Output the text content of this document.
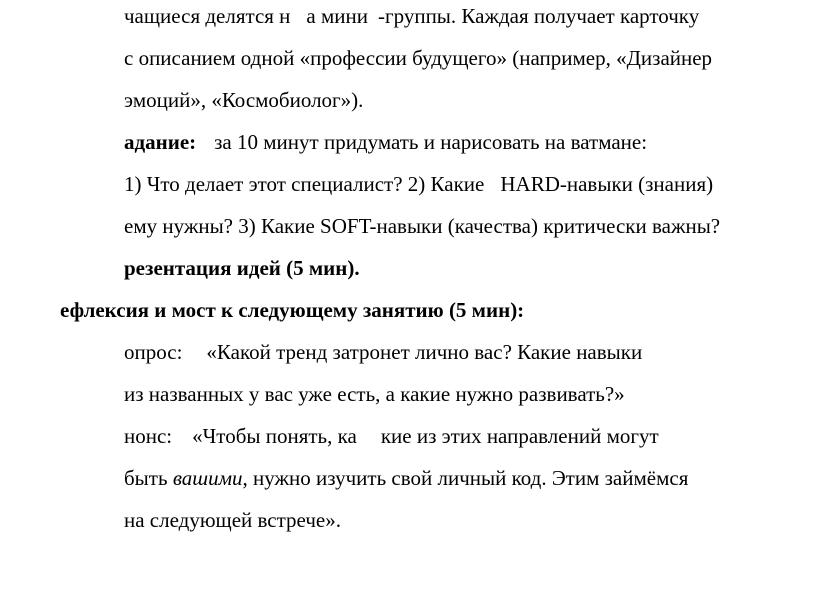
чащиеся делятся н а мини -группы. Каждая получает карточку
с описанием одной «профессии будущего» (например, «Дизайнер
эмоций», «Космобиолог»).
адание: за 10 минут придумать и нарисовать на ватмане:
1) Что делает этот специалист? 2) Какие HARD-навыки (знания)
ему нужны? 3) Какие SOFT-навыки (качества) критически важны?
резентация идей (5 мин).
ефлексия и мост к следующему занятию (5 мин):
опрос: «Какой тренд затронет лично вас? Какие навыки
из названных у вас уже есть, а какие нужно развивать?»
нонс: «Чтобы понять, ка кие из этих направлений могут
быть вашими, нужно изучить свой личный код. Этим займёмся
на следующей встрече».
